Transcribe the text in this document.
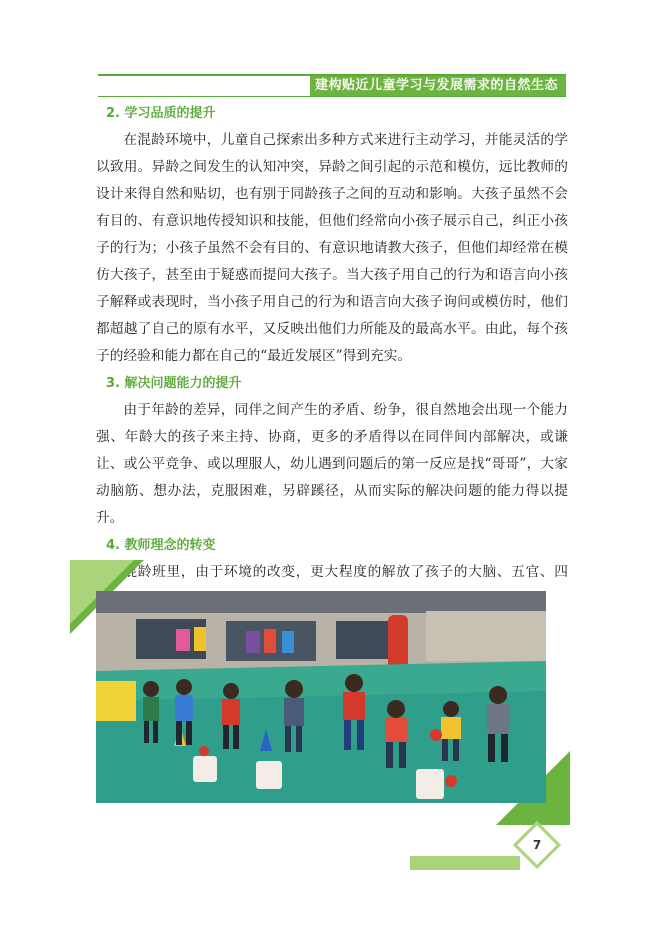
建构贴近儿童学习与发展需求的自然生态
2. 学习品质的提升

在混龄环境中，儿童自己探索出多种方式来进行主动学习，并能灵活的学以致用。异龄之间发生的认知冲突，异龄之间引起的示范和模仿，远比教师的设计来得自然和贴切，也有别于同龄孩子之间的互动和影响。大孩子虽然不会有目的、有意识地传授知识和技能，但他们经常向小孩子展示自己，纠正小孩子的行为；小孩子虽然不会有目的、有意识地请教大孩子，但他们却经常在模仿大孩子，甚至由于疑惑而提问大孩子。当大孩子用自己的行为和语言向小孩子解释或表现时，当小孩子用自己的行为和语言向大孩子询问或模仿时，他们都超越了自己的原有水平，又反映出他们力所能及的最高水平。由此，每个孩子的经验和能力都在自己的“最近发展区”得到充实。

3. 解决问题能力的提升

由于年龄的差异，同伴之间产生的矛盾、纷争，很自然地会出现一个能力强、年龄大的孩子来主持、协商，更多的矛盾得以在同伴间内部解决，或谦让、或公平竞争、或以理服人，幼儿遇到问题后的第一反应是找“哥哥”，大家动脑筋、想办法，克服困难，另辟蹊径，从而实际的解决问题的能力得以提升。

4. 教师理念的转变

混龄班里，由于环境的改变，更大程度的解放了孩子的大脑、五官、四

7
